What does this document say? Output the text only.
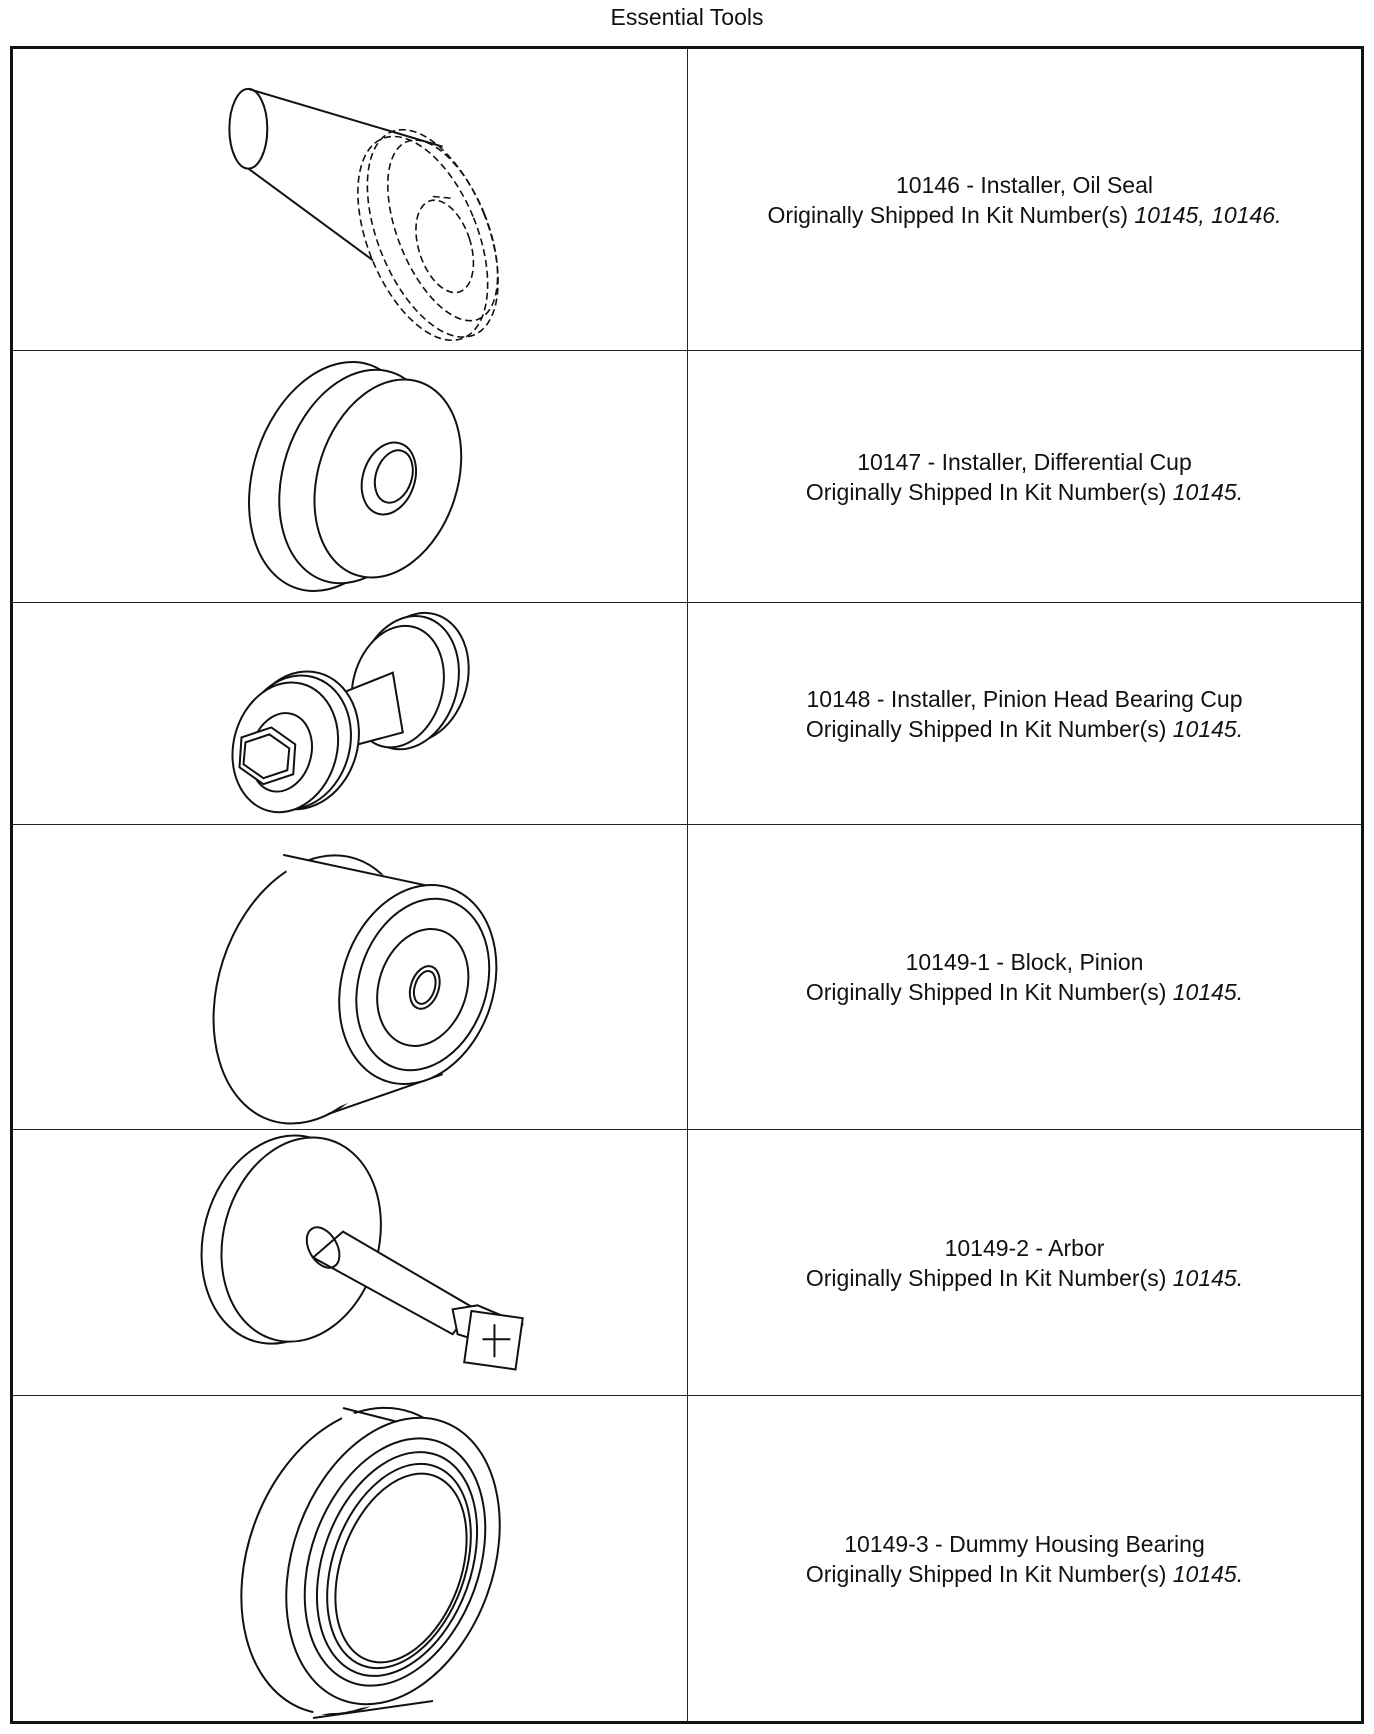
Essential Tools
10146 - Installer, Oil Seal
Originally Shipped In Kit Number(s) 10145, 10146.
10147 - Installer, Differential Cup
Originally Shipped In Kit Number(s) 10145.
10148 - Installer, Pinion Head Bearing Cup
Originally Shipped In Kit Number(s) 10145.
10149-1 - Block, Pinion
Originally Shipped In Kit Number(s) 10145.
10149-2 - Arbor
Originally Shipped In Kit Number(s) 10145.
10149-3 - Dummy Housing Bearing
Originally Shipped In Kit Number(s) 10145.
